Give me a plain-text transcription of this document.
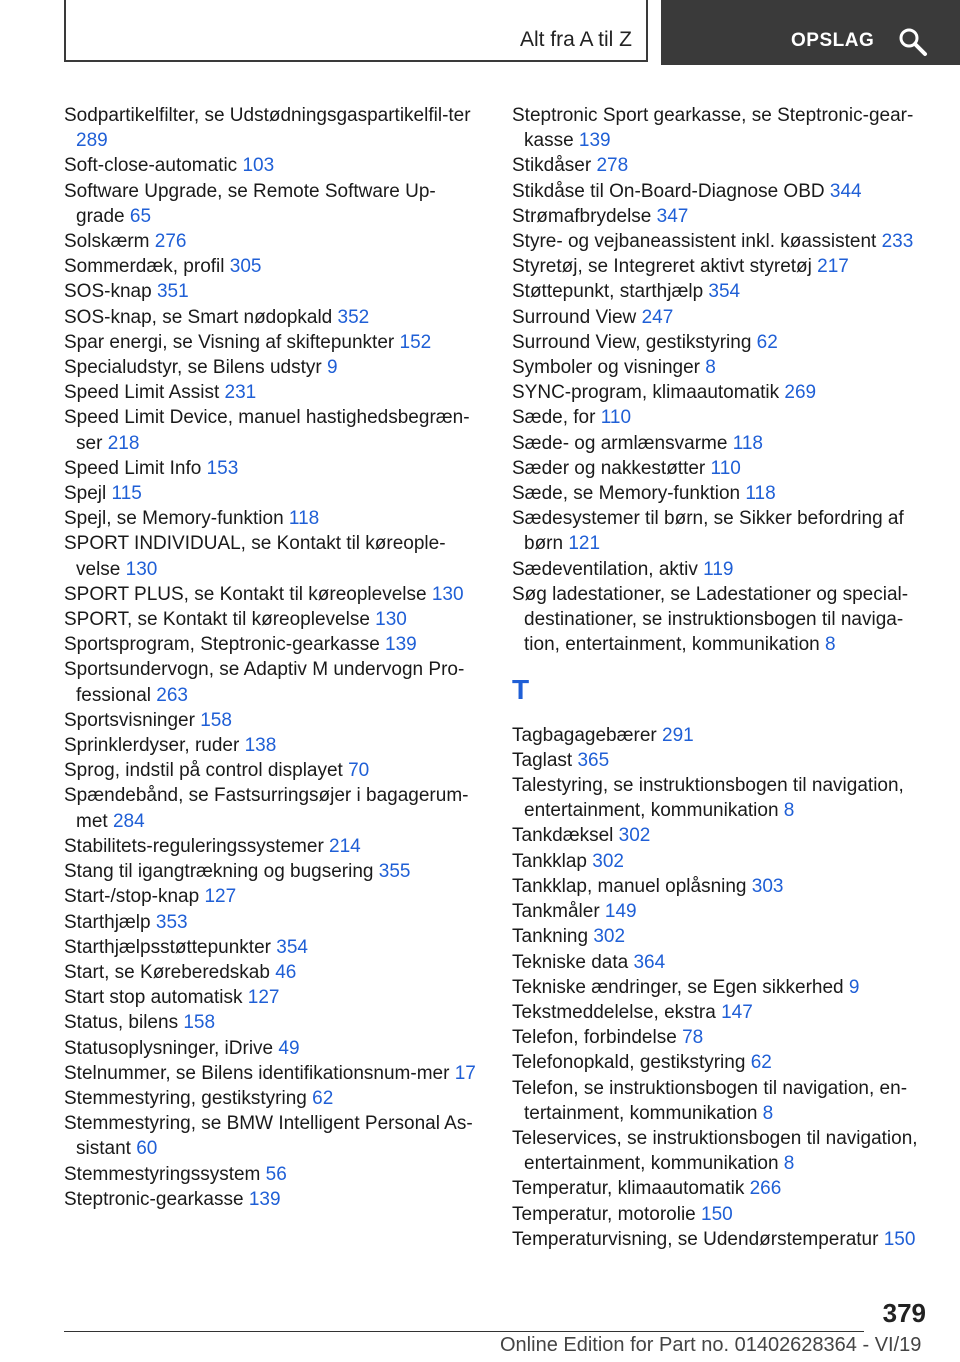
Alt fra A til Z	OPSLAG
Sodpartikelfilter, se Udstødningsgaspartikelfil-ter 289
Soft-close-automatic 103
Software Upgrade, se Remote Software Up-grade 65
Solskærm 276
Sommerdæk, profil 305
SOS-knap 351
SOS-knap, se Smart nødopkald 352
Spar energi, se Visning af skiftepunkter 152
Specialudstyr, se Bilens udstyr 9
Speed Limit Assist 231
Speed Limit Device, manuel hastighedsbegræn-ser 218
Speed Limit Info 153
Spejl 115
Spejl, se Memory-funktion 118
SPORT INDIVIDUAL, se Kontakt til køreople-velse 130
SPORT PLUS, se Kontakt til køreoplevelse 130
SPORT, se Kontakt til køreoplevelse 130
Sportsprogram, Steptronic-gearkasse 139
Sportsundervogn, se Adaptiv M undervogn Pro-fessional 263
Sportsvisninger 158
Sprinklerdyser, ruder 138
Sprog, indstil på control displayet 70
Spændebånd, se Fastsurringsøjer i bagagerum-met 284
Stabilitets-reguleringssystemer 214
Stang til igangtrækning og bugsering 355
Start-/stop-knap 127
Starthjælp 353
Starthjælpsstøttepunkter 354
Start, se Køreberedskab 46
Start stop automatisk 127
Status, bilens 158
Statusoplysninger, iDrive 49
Stelnummer, se Bilens identifikationsnum-mer 17
Stemmestyring, gestikstyring 62
Stemmestyring, se BMW Intelligent Personal As-sistant 60
Stemmestyringssystem 56
Steptronic-gearkasse 139
Steptronic Sport gearkasse, se Steptronic-gear-kasse 139
Stikdåser 278
Stikdåse til On-Board-Diagnose OBD 344
Strømafbrydelse 347
Styre- og vejbaneassistent inkl. køassistent 233
Styretøj, se Integreret aktivt styretøj 217
Støttepunkt, starthjælp 354
Surround View 247
Surround View, gestikstyring 62
Symboler og visninger 8
SYNC-program, klimaautomatik 269
Sæde, for 110
Sæde- og armlænsvarme 118
Sæder og nakkestøtter 110
Sæde, se Memory-funktion 118
Sædesystemer til børn, se Sikker befordring af børn 121
Sædeventilation, aktiv 119
Søg ladestationer, se Ladestationer og special-destinationer, se instruktionsbogen til naviga-tion, entertainment, kommunikation 8
T
Tagbagagebærer 291
Taglast 365
Talestyring, se instruktionsbogen til navigation, entertainment, kommunikation 8
Tankdæksel 302
Tankklap 302
Tankklap, manuel oplåsning 303
Tankmåler 149
Tankning 302
Tekniske data 364
Tekniske ændringer, se Egen sikkerhed 9
Tekstmeddelelse, ekstra 147
Telefon, forbindelse 78
Telefonopkald, gestikstyring 62
Telefon, se instruktionsbogen til navigation, en-tertainment, kommunikation 8
Teleservices, se instruktionsbogen til navigation, entertainment, kommunikation 8
Temperatur, klimaautomatik 266
Temperatur, motorolie 150
Temperaturvisning, se Udendørstemperatur 150
379
Online Edition for Part no. 01402628364 - VI/19
